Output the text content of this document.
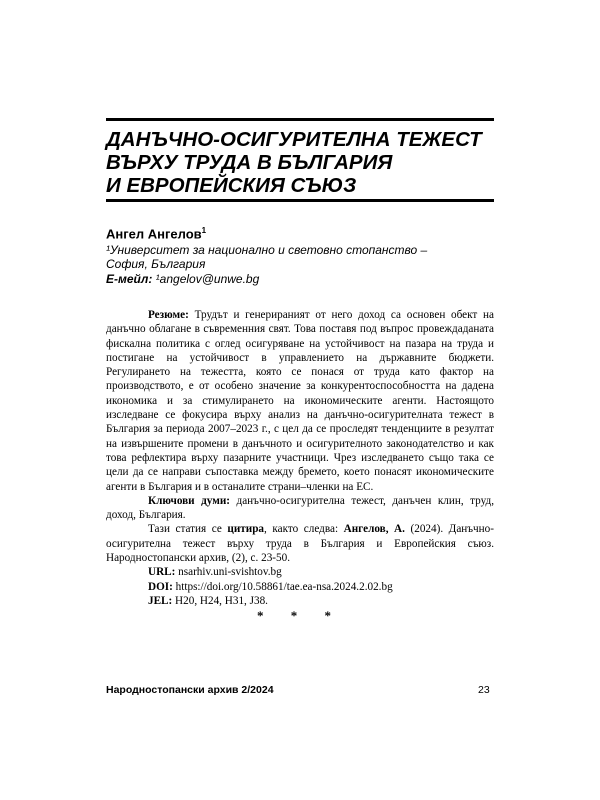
ДАНЪЧНО-ОСИГУРИТЕЛНА ТЕЖЕСТ
ВЪРХУ ТРУДА В БЪЛГАРИЯ
И ЕВРОПЕЙСКИЯ СЪЮЗ
Ангел Ангелов$^1$
¹Университет за национално и световно стопанство –
София, България
Е-мейл: ¹angelov@unwe.bg

Резюме: Трудът и генерираният от него доход са основен обект на данъчно облагане в съвременния свят. Това поставя под въпрос провеждаданата фискална политика с оглед осигуряване на устойчивост на пазара на труда и постигане на устойчивост в управлението на държавните бюджети. Регулирането на тежестта, която се понася от труда като фактор на производството, е от особено значение за конкурентоспособността на дадена икономика и за стимулирането на икономическите агенти. Настоящото изследване се фокусира върху анализ на данъчно-осигурителната тежест в България за периода 2007–2023 г., с цел да се проследят тенденциите в резултат на извършените промени в данъчното и осигурителното законодателство и как това рефлектира върху пазарните участници. Чрез изследването също така се цели да се направи съпоставка между бремето, което понасят икономическите агенти в България и в останалите страни–членки на ЕС.

Ключови думи: данъчно-осигурителна тежест, данъчен клин, труд, доход, България.

Тази статия се цитира, както следва: Ангелов, А. (2024). Данъчно-осигурителна тежест върху труда в България и Европейския съюз. Народностопански архив, (2), с. 23-50.

URL: nsarhiv.uni-svishtov.bg

DOI: https://doi.org/10.58861/tae.ea-nsa.2024.2.02.bg

JEL: H20, H24, H31, J38.

* * *
Народностопански архив 2/2024	23
